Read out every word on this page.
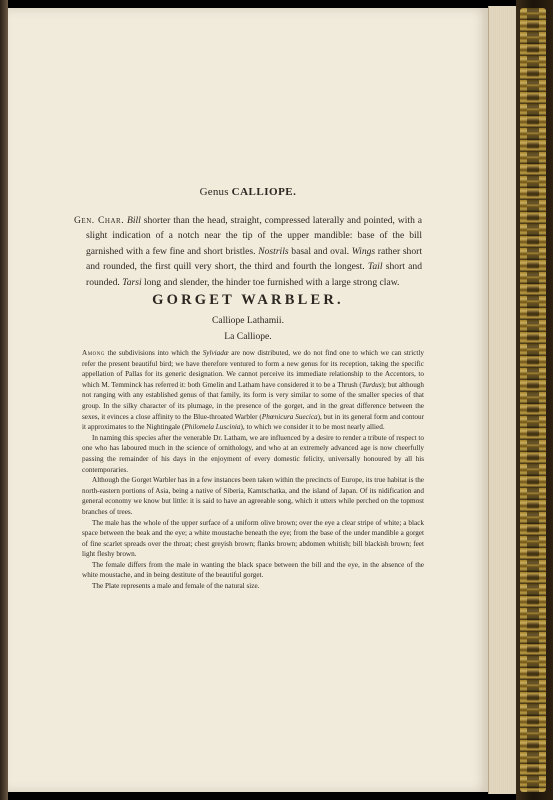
Genus CALLIOPE.
Gen. Char. Bill shorter than the head, straight, compressed laterally and pointed, with a slight indication of a notch near the tip of the upper mandible: base of the bill garnished with a few fine and short bristles. Nostrils basal and oval. Wings rather short and rounded, the first quill very short, the third and fourth the longest. Tail short and rounded. Tarsi long and slender, the hinder toe furnished with a large strong claw.
GORGET WARBLER.
Calliope Lathamii.
La Calliope.

Among the subdivisions into which the Sylviadæ are now distributed, we do not find one to which we can strictly refer the present beautiful bird; we have therefore ventured to form a new genus for its reception, taking the specific appellation of Pallas for its generic designation. We cannot perceive its immediate relationship to the Accentors, to which M. Temminck has referred it: both Gmelin and Latham have considered it to be a Thrush (Turdus); but although not ranging with any established genus of that family, its form is very similar to some of the smaller species of that group. In the silky character of its plumage, in the presence of the gorget, and in the great difference between the sexes, it evinces a close affinity to the Blue-throated Warbler (Phœnicura Suecica), but in its general form and contour it approximates to the Nightingale (Philomela Luscinia), to which we consider it to be most nearly allied.

In naming this species after the venerable Dr. Latham, we are influenced by a desire to render a tribute of respect to one who has laboured much in the science of ornithology, and who at an extremely advanced age is now cheerfully passing the remainder of his days in the enjoyment of every domestic felicity, universally honoured by all his contemporaries.

Although the Gorget Warbler has in a few instances been taken within the precincts of Europe, its true habitat is the north-eastern portions of Asia, being a native of Siberia, Kamtschatka, and the island of Japan. Of its nidification and general economy we know but little: it is said to have an agreeable song, which it utters while perched on the topmost branches of trees.

The male has the whole of the upper surface of a uniform olive brown; over the eye a clear stripe of white; a black space between the beak and the eye; a white moustache beneath the eye; from the base of the under mandible a gorget of fine scarlet spreads over the throat; chest greyish brown; flanks brown; abdomen whitish; bill blackish brown; feet light fleshy brown.

The female differs from the male in wanting the black space between the bill and the eye, in the absence of the white moustache, and in being destitute of the beautiful gorget.

The Plate represents a male and female of the natural size.
